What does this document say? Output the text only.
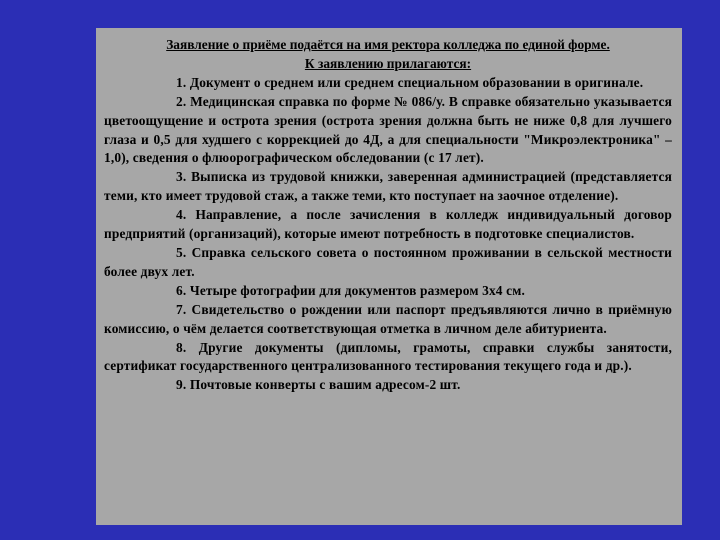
Заявление о приёме подаётся на имя ректора колледжа по единой форме.

К заявлению прилагаются:

1. Документ о среднем или среднем специальном образовании в оригинале.

2. Медицинская справка по форме № 086/у. В справке обязательно указывается цветоощущение и острота зрения (острота зрения должна быть не ниже 0,8 для лучшего глаза и 0,5 для худшего с коррекцией до 4Д, а для специальности "Микроэлектроника" – 1,0), сведения о флюорографическом обследовании (с 17 лет).

3. Выписка из трудовой книжки, заверенная администрацией (представляется теми, кто имеет трудовой стаж, а также теми, кто поступает на заочное отделение).

4. Направление, а после зачисления в колледж индивидуальный договор предприятий (организаций), которые имеют потребность в подготовке специалистов.

5. Справка сельского совета о постоянном проживании в сельской местности более двух лет.

6. Четыре фотографии для документов размером 3х4 см.

7. Свидетельство о рождении или паспорт предъявляются лично в приёмную комиссию, о чём делается соответствующая отметка в личном деле абитуриента.

8. Другие документы (дипломы, грамоты, справки службы занятости, сертификат государственного централизованного тестирования текущего года и др.).

9. Почтовые конверты с вашим адресом-2 шт.
